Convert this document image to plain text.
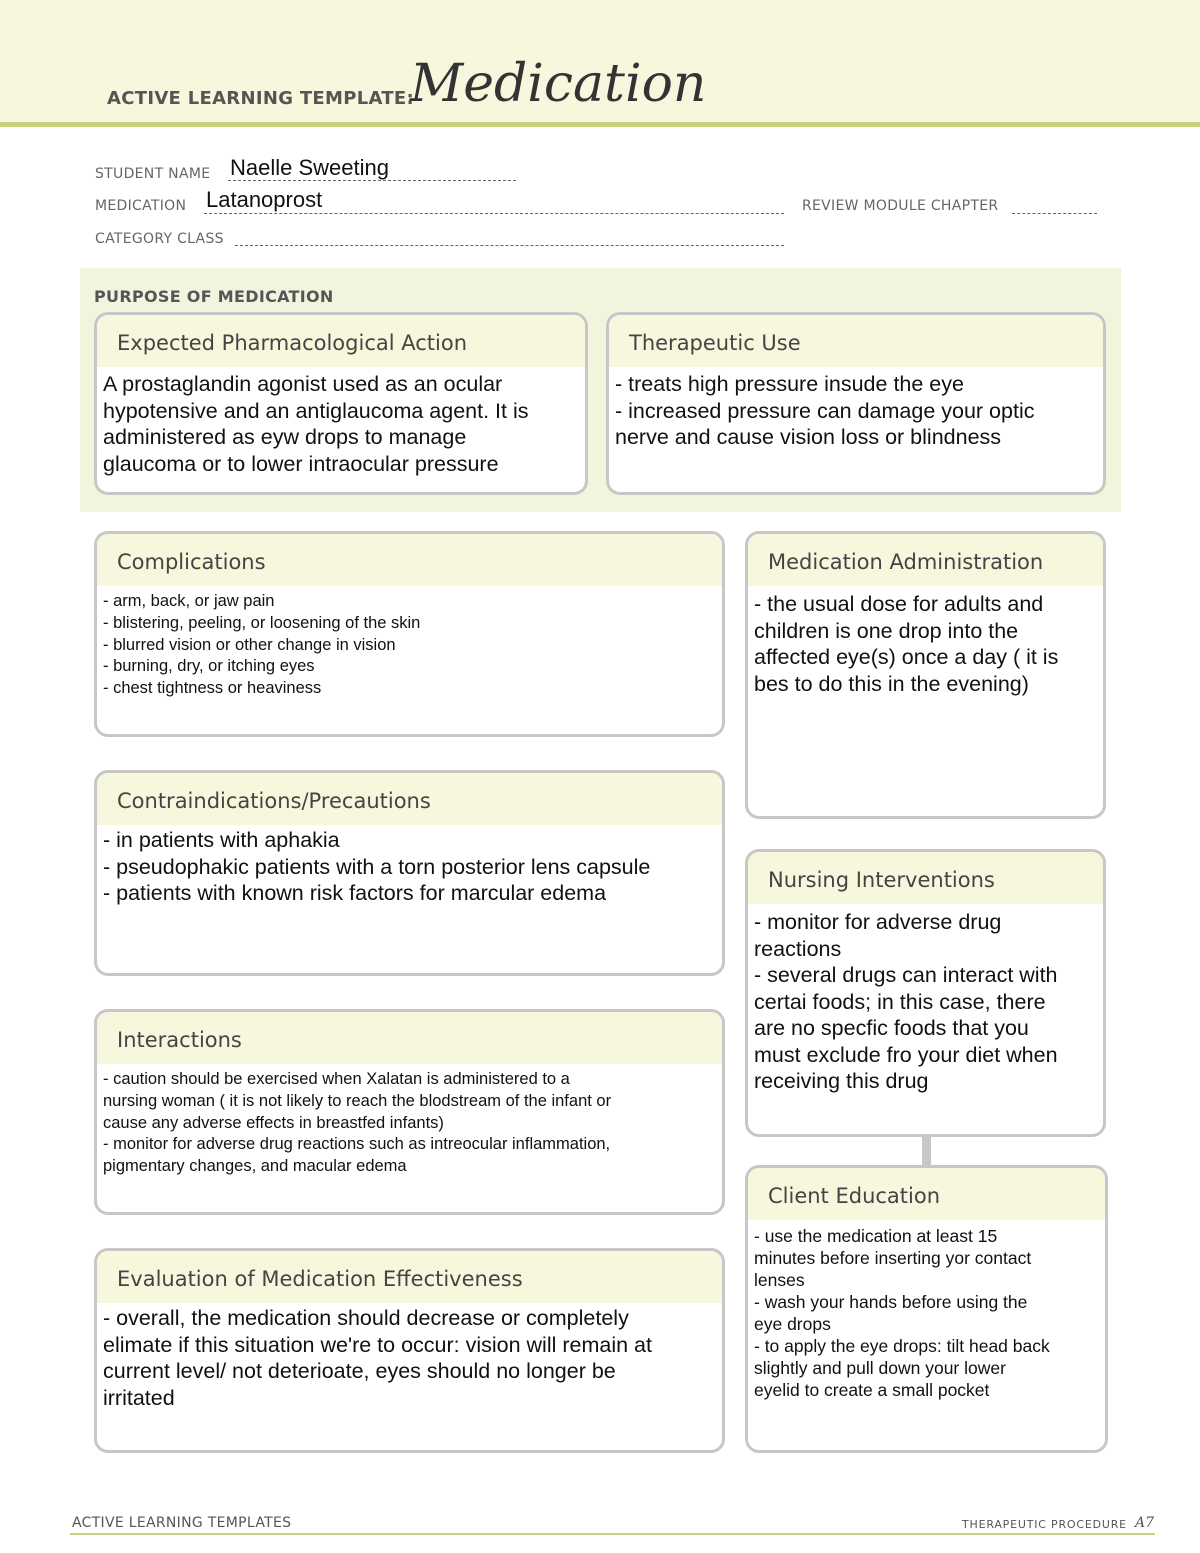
ACTIVE LEARNING TEMPLATE:
Medication
STUDENT NAME Naelle Sweeting
MEDICATION Latanoprost	REVIEW MODULE CHAPTER
CATEGORY CLASS
PURPOSE OF MEDICATION
Expected Pharmacological Action
A prostaglandin agonist used as an ocular
hypotensive and an antiglaucoma agent. It is
administered as eyw drops to manage
glaucoma or to lower intraocular pressure
Therapeutic Use
- treats high pressure insude the eye
- increased pressure can damage your optic
nerve and cause vision loss or blindness
Complications
- arm, back, or jaw pain
- blistering, peeling, or loosening of the skin
- blurred vision or other change in vision
- burning, dry, or itching eyes
- chest tightness or heaviness
Medication Administration
- the usual dose for adults and
children is one drop into the
affected eye(s) once a day ( it is
bes to do this in the evening)
Contraindications/Precautions
- in patients with aphakia
- pseudophakic patients with a torn posterior lens capsule
- patients with known risk factors for marcular edema
Nursing Interventions
- monitor for adverse drug
reactions
- several drugs can interact with
certai foods; in this case, there
are no specfic foods that you
must exclude fro your diet when
receiving this drug
Interactions
- caution should be exercised when Xalatan is administered to a
nursing woman ( it is not likely to reach the blodstream of the infant or
cause any adverse effects in breastfed infants)
- monitor for adverse drug reactions such as intreocular inflammation,
pigmentary changes, and macular edema
Client Education
- use the medication at least 15
minutes before inserting yor contact
lenses
- wash your hands before using the
eye drops
- to apply the eye drops: tilt head back
slightly and pull down your lower
eyelid to create a small pocket
Evaluation of Medication Effectiveness
- overall, the medication should decrease or completely
elimate if this situation we're to occur: vision will remain at
current level/ not deterioate, eyes should no longer be
irritated
ACTIVE LEARNING TEMPLATES	THERAPEUTIC PROCEDURE A7
